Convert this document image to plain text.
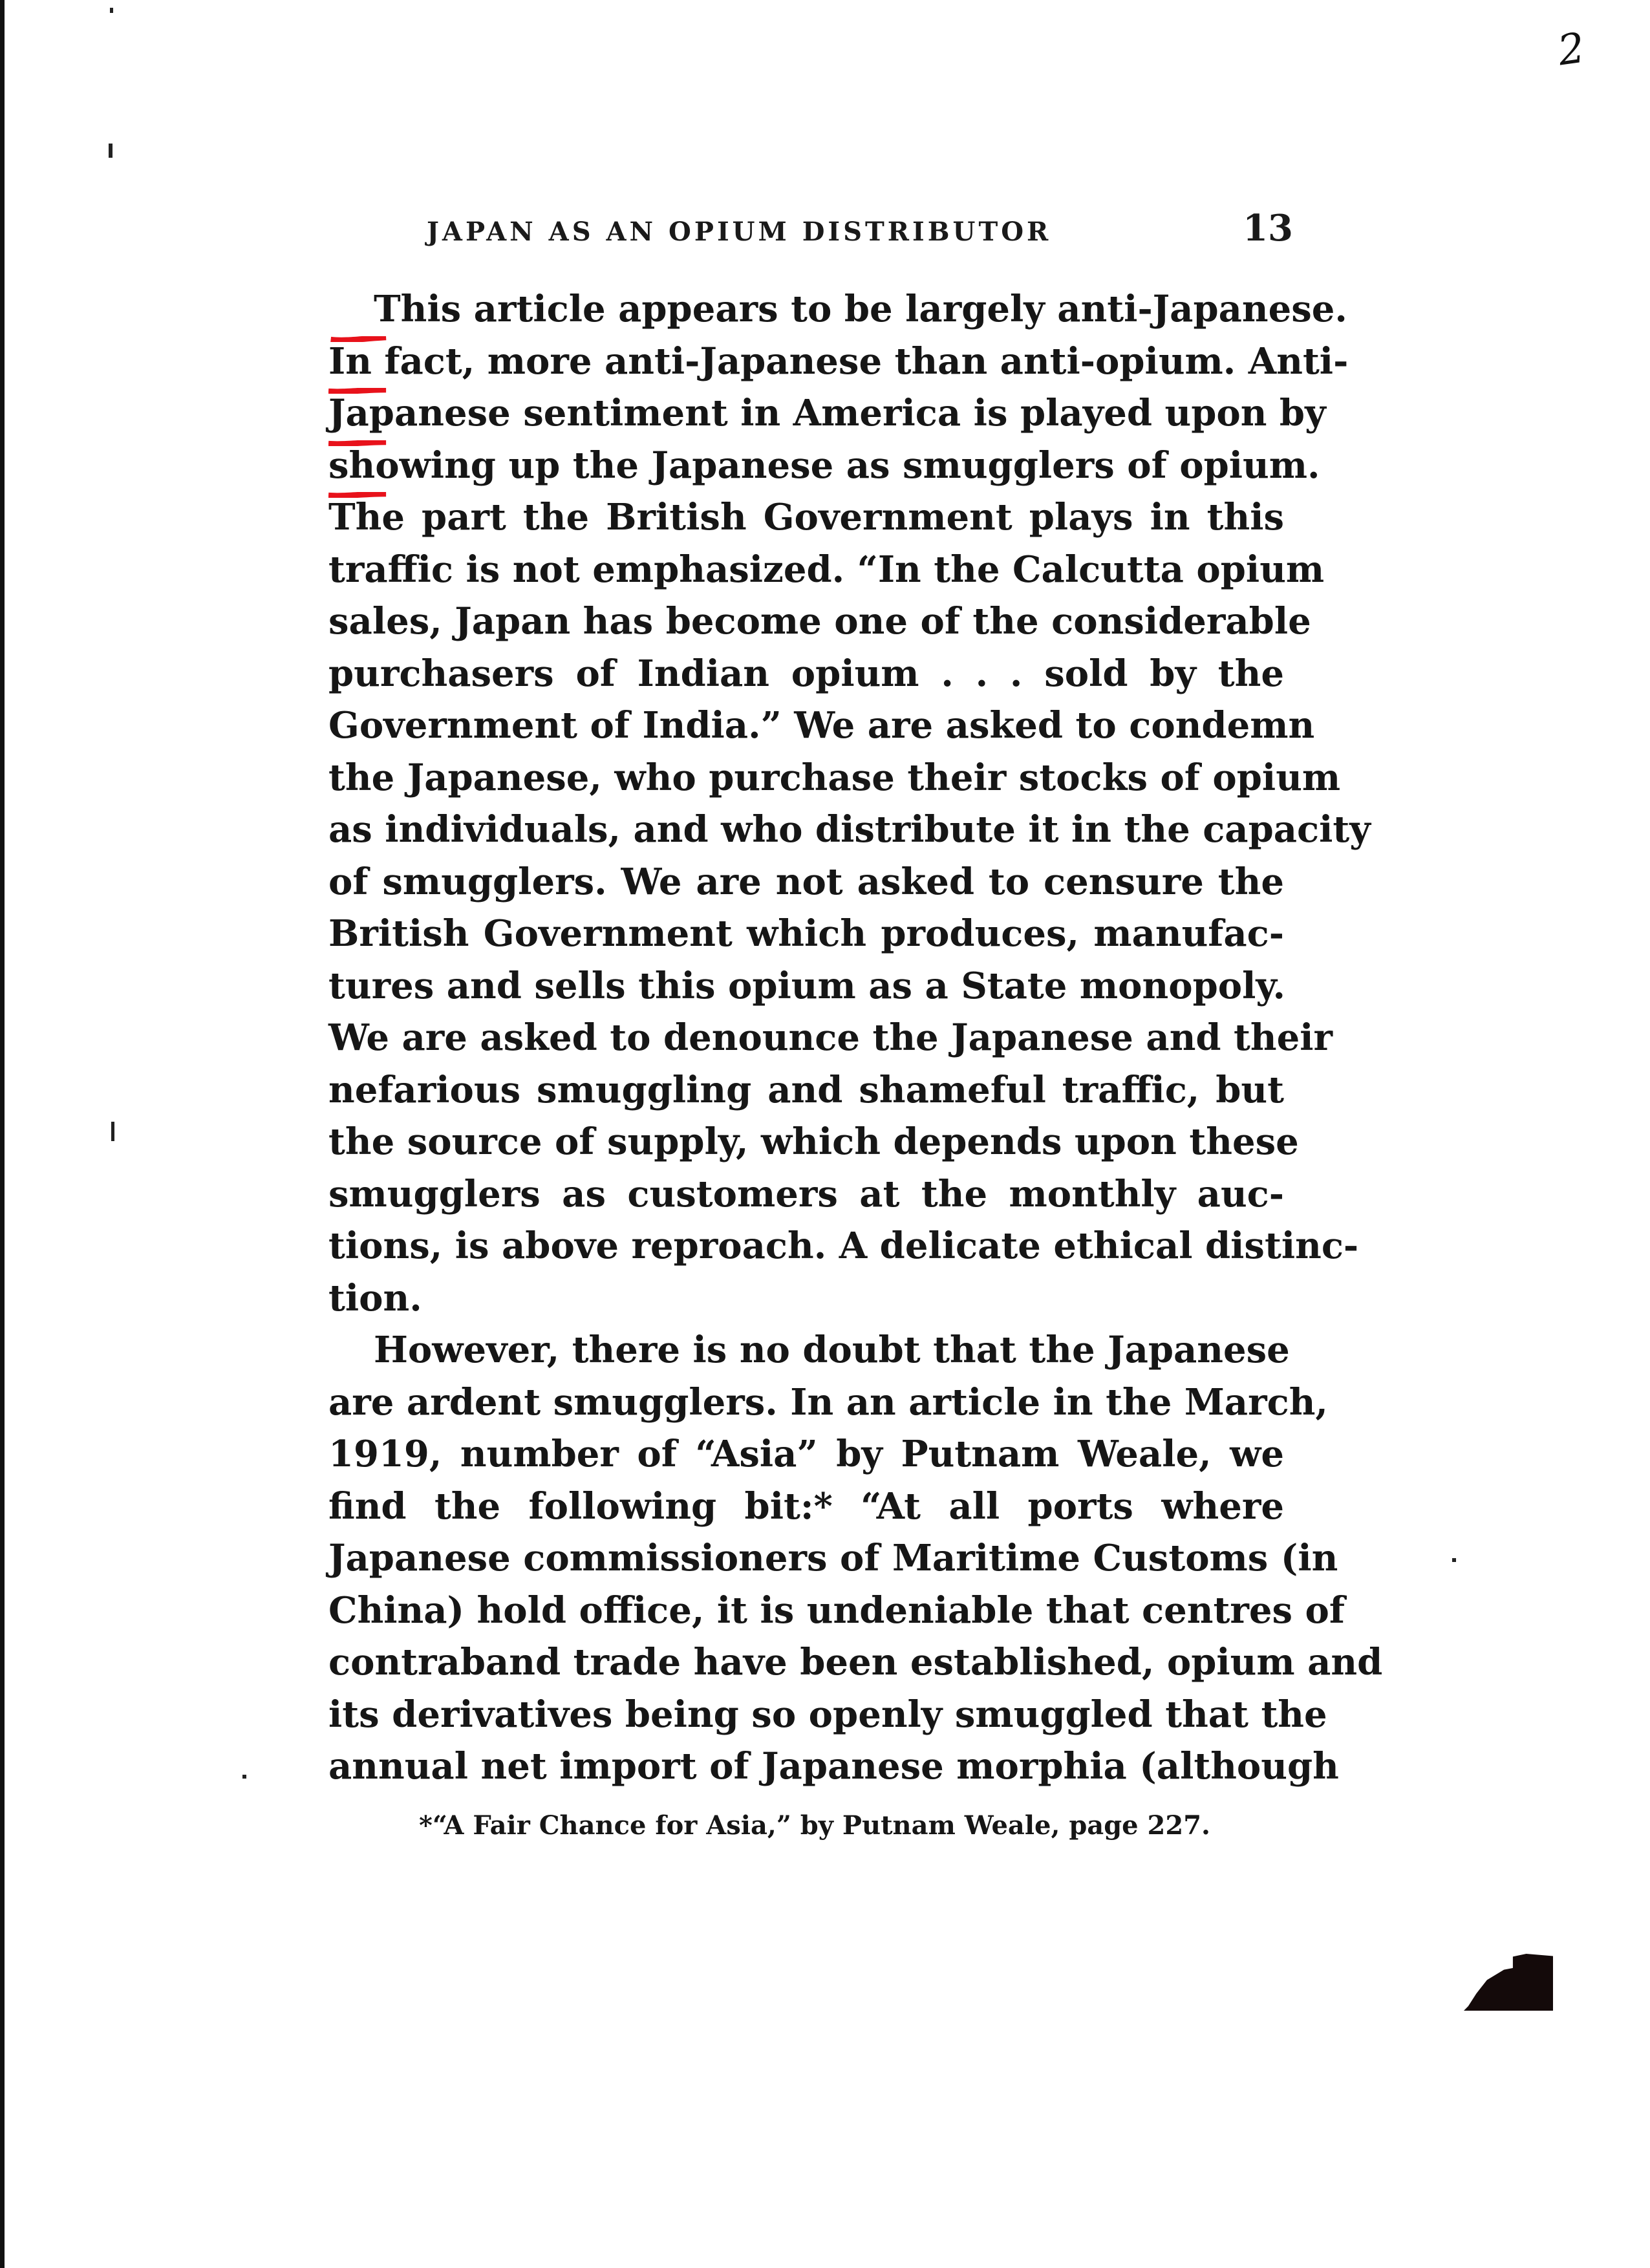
2
JAPAN AS AN OPIUM DISTRIBUTOR	13
This article appears to be largely anti-Japanese.
In fact, more anti-Japanese than anti-opium. Anti-
Japanese sentiment in America is played upon by
showing up the Japanese as smugglers of opium.
The part the British Government plays in this
traffic is not emphasized. “In the Calcutta opium
sales, Japan has become one of the considerable
purchasers of Indian opium . . . sold by the
Government of India.” We are asked to condemn
the Japanese, who purchase their stocks of opium
as individuals, and who distribute it in the capacity
of smugglers. We are not asked to censure the
British Government which produces, manufac-
tures and sells this opium as a State monopoly.
We are asked to denounce the Japanese and their
nefarious smuggling and shameful traffic, but
the source of supply, which depends upon these
smugglers as customers at the monthly auc-
tions, is above reproach. A delicate ethical distinc-
tion.
However, there is no doubt that the Japanese
are ardent smugglers. In an article in the March,
1919, number of “Asia” by Putnam Weale, we
find the following bit:* “At all ports where
Japanese commissioners of Maritime Customs (in
China) hold office, it is undeniable that centres of
contraband trade have been established, opium and
its derivatives being so openly smuggled that the
annual net import of Japanese morphia (although
*“A Fair Chance for Asia,” by Putnam Weale, page 227.
